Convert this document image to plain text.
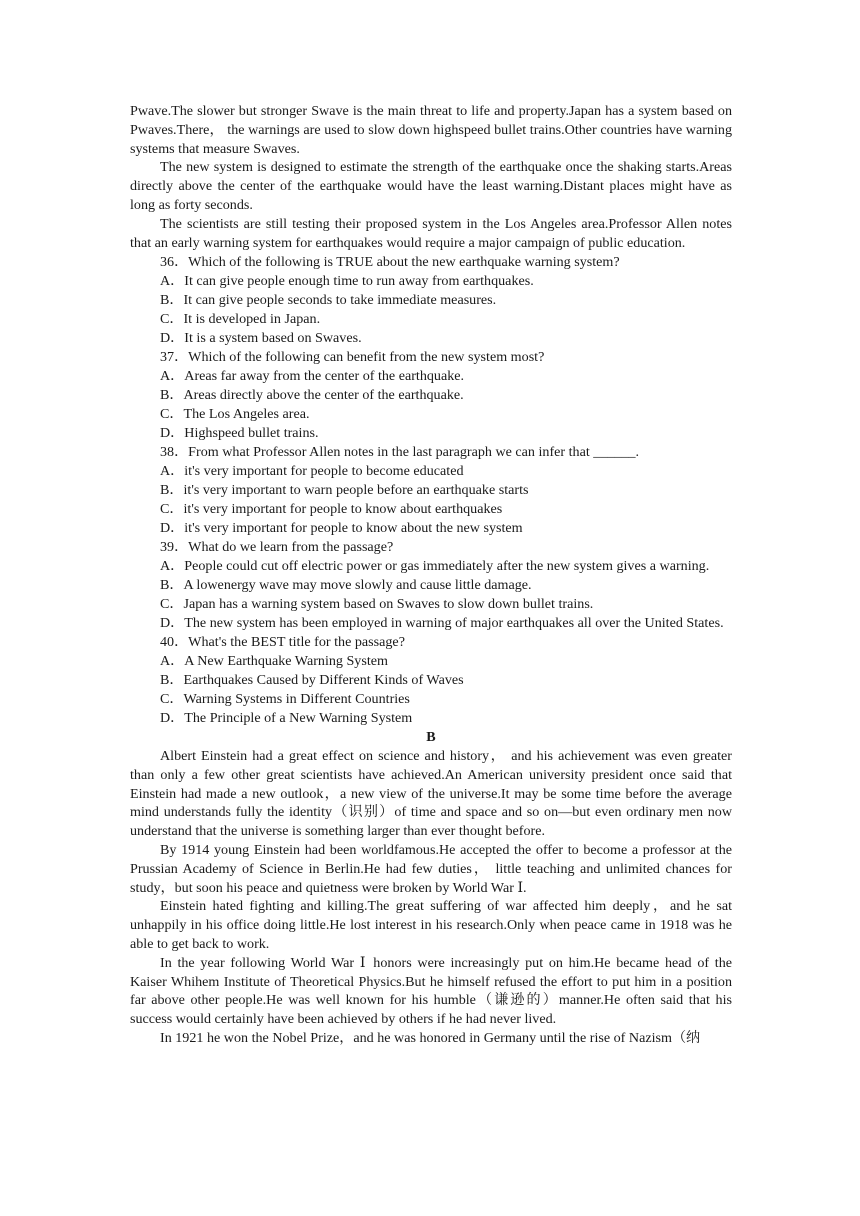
Pwave.The slower but stronger Swave is the main threat to life and property.Japan has a system based on Pwaves.There， the warnings are used to slow down highspeed bullet trains.Other countries have warning systems that measure Swaves.

The new system is designed to estimate the strength of the earthquake once the shaking starts.Areas directly above the center of the earthquake would have the least warning.Distant places might have as long as forty seconds.

The scientists are still testing their proposed system in the Los Angeles area.Professor Allen notes that an early warning system for earthquakes would require a major campaign of public education.

36．Which of the following is TRUE about the new earthquake warning system?

A．It can give people enough time to run away from earthquakes.

B．It can give people seconds to take immediate measures.

C．It is developed in Japan.

D．It is a system based on Swaves.

37．Which of the following can benefit from the new system most?

A．Areas far away from the center of the earthquake.

B．Areas directly above the center of the earthquake.

C．The Los Angeles area.

D．Highspeed bullet trains.

38．From what Professor Allen notes in the last paragraph we can infer that ______.

A．it's very important for people to become educated

B．it's very important to warn people before an earthquake starts

C．it's very important for people to know about earthquakes

D．it's very important for people to know about the new system

39．What do we learn from the passage?

A．People could cut off electric power or gas immediately after the new system gives a warning.

B．A lowenergy wave may move slowly and cause little damage.

C．Japan has a warning system based on Swaves to slow down bullet trains.

D．The new system has been employed in warning of major earthquakes all over the United States.

40．What's the BEST title for the passage?

A．A New Earthquake Warning System

B．Earthquakes Caused by Different Kinds of Waves

C．Warning Systems in Different Countries

D．The Principle of a New Warning System

B

Albert Einstein had a great effect on science and history， and his achievement was even greater than only a few other great scientists have achieved.An American university president once said that Einstein had made a new outlook，a new view of the universe.It may be some time before the average mind understands fully the identity（识别）of time and space and so on—but even ordinary men now understand that the universe is something larger than ever thought before.

By 1914 young Einstein had been worldfamous.He accepted the offer to become a professor at the Prussian Academy of Science in Berlin.He had few duties， little teaching and unlimited chances for study，but soon his peace and quietness were broken by World War Ⅰ.

Einstein hated fighting and killing.The great suffering of war affected him deeply，and he sat unhappily in his office doing little.He lost interest in his research.Only when peace came in 1918 was he able to get back to work.

In the year following World War Ⅰ honors were increasingly put on him.He became head of the Kaiser Whihem Institute of Theoretical Physics.But he himself refused the effort to put him in a position far above other people.He was well known for his humble（谦逊的）manner.He often said that his success would certainly have been achieved by others if he had never lived.

In 1921 he won the Nobel Prize，and he was honored in Germany until the rise of Nazism（纳
